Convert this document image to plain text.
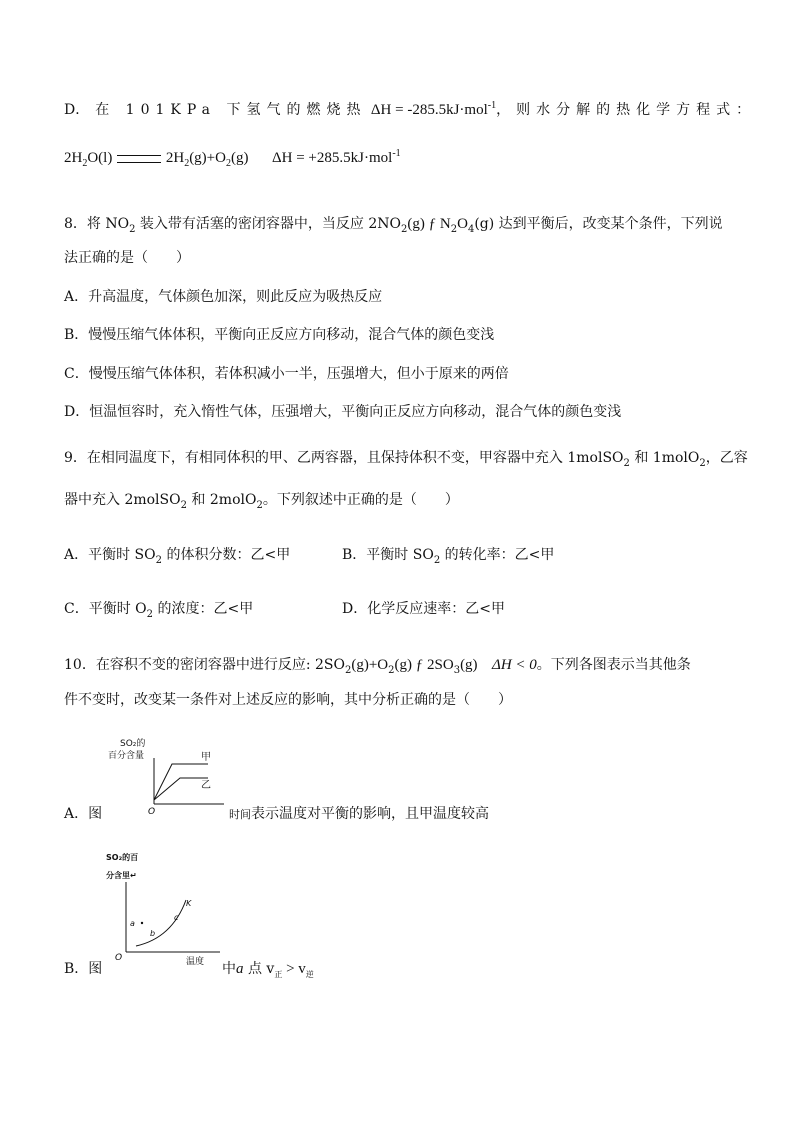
D．在 101KPa 下氢气的燃烧热 ΔH = -285.5kJ·mol$^{-1}$，则水分解的热化学方程式：
$2H_2O(l)$	$2H_2(g)+O_2(g) \Delta H = +285.5kJ\cdot mol^{-1}$
8．将 $NO_2$ 装入带有活塞的密闭容器中，当反应 $2NO_2(g)$ ƒ $N_2O_4(g)$ 达到平衡后，改变某个条件，下列说
法正确的是（　　）
A．升高温度，气体颜色加深，则此反应为吸热反应
B．慢慢压缩气体体积，平衡向正反应方向移动，混合气体的颜色变浅
C．慢慢压缩气体体积，若体积减小一半，压强增大，但小于原来的两倍
D．恒温恒容时，充入惰性气体，压强增大，平衡向正反应方向移动，混合气体的颜色变浅
9．在相同温度下，有相同体积的甲、乙两容器，且保持体积不变，甲容器中充入 1molSO$_2$ 和 1molO$_2$，乙容
器中充入 2molSO$_2$ 和 2molO$_2$。下列叙述中正确的是（　　）
A．平衡时 $SO_2$ 的体积分数：乙<甲	B．平衡时 $SO_2$ 的转化率：乙<甲
C．平衡时 $O_2$ 的浓度：乙<甲	D．化学反应速率：乙<甲
10．在容积不变的密闭容器中进行反应: $2SO_2(g)+O_2(g)$ ƒ $2SO_3(g) \Delta H < 0$。下列各图表示当其他条
件不变时，改变某一条件对上述反应的影响，其中分析正确的是（　　）
A．图
SO₂的
百分含量	甲
乙
O	时间 表示温度对平衡的影响，且甲温度较高
B．图
SO₂的百
分含里↵
K
a
b
c
O	温度 中a 点 $v_正 > v_逆$
